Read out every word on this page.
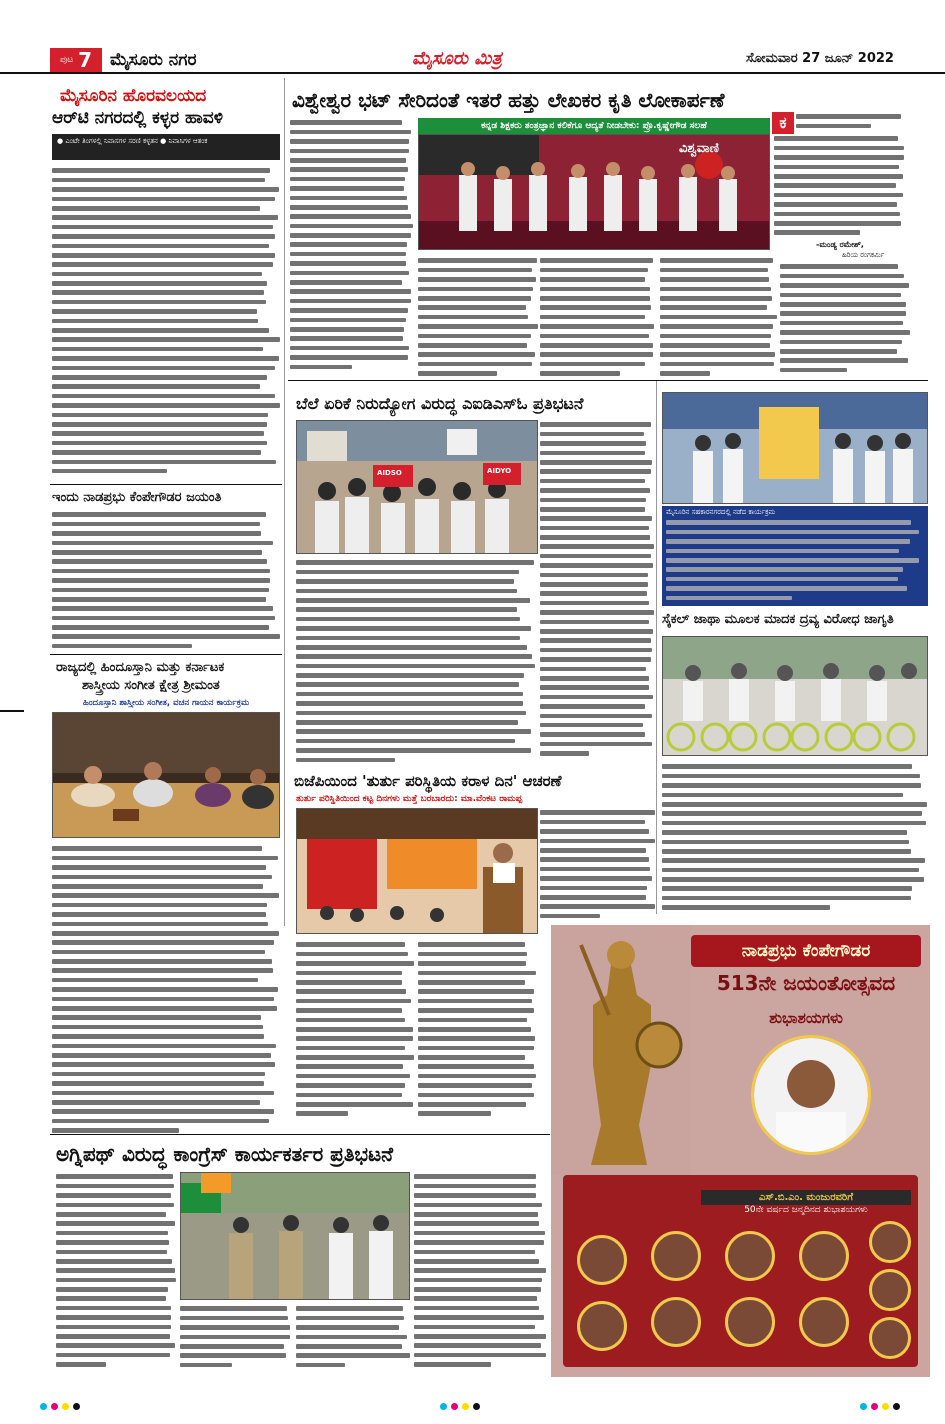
ಪುಟ 7 ಮೈಸೂರು ನಗರ	ಮೈಸೂರು ಮಿತ್ರ	ಸೋಮವಾರ 27 ಜೂನ್ 2022
ಮೈಸೂರಿನ ಹೊರವಲಯದ
ಆರ್‌ಟಿ ನಗರದಲ್ಲಿ ಕಳ್ಳರ ಹಾವಳಿ
● ಎಂಟೇ ತಿಂಗಳಲ್ಲಿ ನಿವಾಸಗಳ ಸರಣಿ ಕಳ್ಳತನ ● ನಿವಾಸಿಗಳ ಆತಂಕ
ಇಂದು ನಾಡಪ್ರಭು ಕೆಂಪೇಗೌಡರ ಜಯಂತಿ
ರಾಜ್ಯದಲ್ಲಿ ಹಿಂದೂಸ್ತಾನಿ ಮತ್ತು ಕರ್ನಾಟಕ
ಶಾಸ್ತ್ರೀಯ ಸಂಗೀತ ಕ್ಷೇತ್ರ ಶ್ರೀಮಂತ
ಹಿಂದೂಸ್ತಾನಿ ಶಾಸ್ತ್ರೀಯ ಸಂಗೀತ, ವಚನ ಗಾಯನ ಕಾರ್ಯಕ್ರಮ
ವಿಶ್ವೇಶ್ವರ ಭಟ್ ಸೇರಿದಂತೆ ಇತರೆ ಹತ್ತು ಲೇಖಕರ ಕೃತಿ ಲೋಕಾರ್ಪಣೆ
ಕನ್ನಡ ಶಿಕ್ಷಕರು ತಂತ್ರಜ್ಞಾನ ಕಲಿಕೆಗೂ ಆದ್ಯತೆ ನೀಡಬೇಕು: ಪ್ರೊ.ಕೃಷ್ಣೇಗೌಡ ಸಲಹೆ
ವಿಶ್ವವಾಣಿ
ಕ
-ಮಂಡ್ಯ ರಮೇಶ್,
ಹಿರಿಯ ರಂಗಕರ್ಮಿ
ಬೆಲೆ ಏರಿಕೆ ನಿರುದ್ಯೋಗ ವಿರುದ್ಧ ಎಐಡಿಎಸ್‌ಓ ಪ್ರತಿಭಟನೆ
AIDSO	AIDYO
ಮೈಸೂರಿನ ಸಹಕಾರನಗರದಲ್ಲಿ ನಡೆದ ಕಾರ್ಯಕ್ರಮ
ಸೈಕಲ್ ಜಾಥಾ ಮೂಲಕ ಮಾದಕ ದ್ರವ್ಯ ವಿರೋಧ ಜಾಗೃತಿ
ಬಿಜೆಪಿಯಿಂದ 'ತುರ್ತು ಪರಿಸ್ಥಿತಿಯ ಕರಾಳ ದಿನ' ಆಚರಣೆ
ತುರ್ತು ಪರಿಸ್ಥಿತಿಯಿಂದ ಕಟ್ಟ ದಿನಗಳು ಮತ್ತೆ ಬರಬಾರದು: ಮಾ.ವೆಂಕಟ ರಾಮಪ್ಪ
ಅಗ್ನಿಪಥ್ ವಿರುದ್ಧ ಕಾಂಗ್ರೆಸ್ ಕಾರ್ಯಕರ್ತರ ಪ್ರತಿಭಟನೆ
ನಾಡಪ್ರಭು ಕೆಂಪೇಗೌಡರ
513ನೇ ಜಯಂತೋತ್ಸವದ
ಶುಭಾಶಯಗಳು
ಎಸ್.ಬಿ.ಎಂ. ಮಂಜುರವರಿಗೆ
50ನೇ ವರ್ಷದ ಜನ್ಮದಿನದ ಶುಭಾಶಯಗಳು
